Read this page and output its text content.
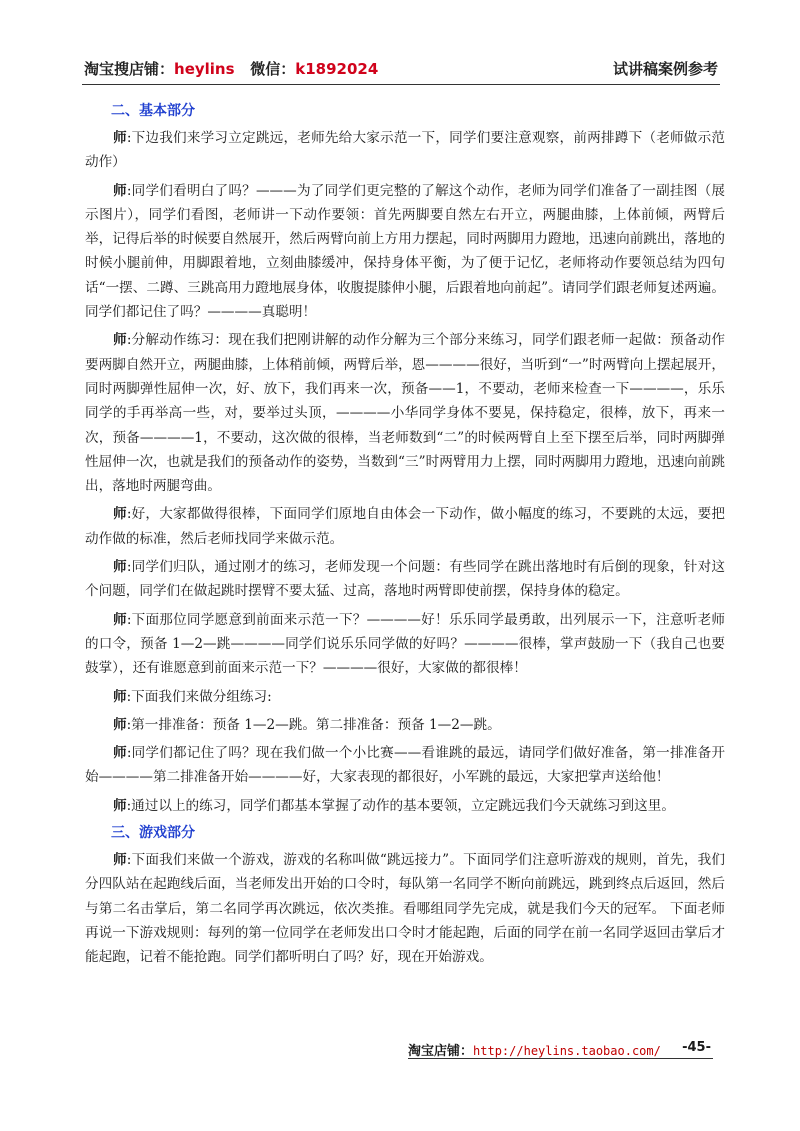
淘宝搜店铺：heylins 微信：k1892024	试讲稿案例参考
二、基本部分

师:下边我们来学习立定跳远，老师先给大家示范一下，同学们要注意观察，前两排蹲下（老师做示范动作）

师:同学们看明白了吗？———为了同学们更完整的了解这个动作，老师为同学们准备了一副挂图（展示图片），同学们看图，老师讲一下动作要领：首先两脚要自然左右开立，两腿曲膝，上体前倾，两臂后举，记得后举的时候要自然展开，然后两臂向前上方用力摆起，同时两脚用力蹬地，迅速向前跳出，落地的时候小腿前伸，用脚跟着地，立刻曲膝缓冲，保持身体平衡，为了便于记忆，老师将动作要领总结为四句话“一摆、二蹲、三跳高用力蹬地展身体，收腹提膝伸小腿，后跟着地向前起”。请同学们跟老师复述两遍。同学们都记住了吗？————真聪明！

师:分解动作练习：现在我们把刚讲解的动作分解为三个部分来练习，同学们跟老师一起做：预备动作要两脚自然开立，两腿曲膝，上体稍前倾，两臂后举，恩————很好，当听到“一”时两臂向上摆起展开，同时两脚弹性屈伸一次，好、放下，我们再来一次，预备——1，不要动，老师来检查一下————，乐乐同学的手再举高一些，对，要举过头顶，————小华同学身体不要晃，保持稳定，很棒，放下，再来一次，预备————1，不要动，这次做的很棒，当老师数到“二”的时候两臂自上至下摆至后举，同时两脚弹性屈伸一次，也就是我们的预备动作的姿势，当数到“三”时两臂用力上摆，同时两脚用力蹬地，迅速向前跳出，落地时两腿弯曲。

师:好，大家都做得很棒，下面同学们原地自由体会一下动作，做小幅度的练习，不要跳的太远，要把动作做的标准，然后老师找同学来做示范。

师:同学们归队，通过刚才的练习，老师发现一个问题：有些同学在跳出落地时有后倒的现象，针对这个问题，同学们在做起跳时摆臂不要太猛、过高，落地时两臂即使前摆，保持身体的稳定。

师:下面那位同学愿意到前面来示范一下？————好！乐乐同学最勇敢，出列展示一下，注意听老师的口令，预备 1—2—跳————同学们说乐乐同学做的好吗？————很棒，掌声鼓励一下（我自己也要鼓掌），还有谁愿意到前面来示范一下？————很好，大家做的都很棒！

师:下面我们来做分组练习:

师:第一排准备：预备 1—2—跳。第二排准备：预备 1—2—跳。

师:同学们都记住了吗？现在我们做一个小比赛——看谁跳的最远，请同学们做好准备，第一排准备开始————第二排准备开始————好，大家表现的都很好，小军跳的最远，大家把掌声送给他！

师:通过以上的练习，同学们都基本掌握了动作的基本要领，立定跳远我们今天就练习到这里。

三、游戏部分

师:下面我们来做一个游戏，游戏的名称叫做“跳远接力”。下面同学们注意听游戏的规则，首先，我们分四队站在起跑线后面，当老师发出开始的口令时，每队第一名同学不断向前跳远，跳到终点后返回，然后与第二名击掌后，第二名同学再次跳远，依次类推。看哪组同学先完成，就是我们今天的冠军。 下面老师再说一下游戏规则：每列的第一位同学在老师发出口令时才能起跑，后面的同学在前一名同学返回击掌后才能起跑，记着不能抢跑。同学们都听明白了吗？好，现在开始游戏。

淘宝店铺：http://heylins.taobao.com/ -45-
